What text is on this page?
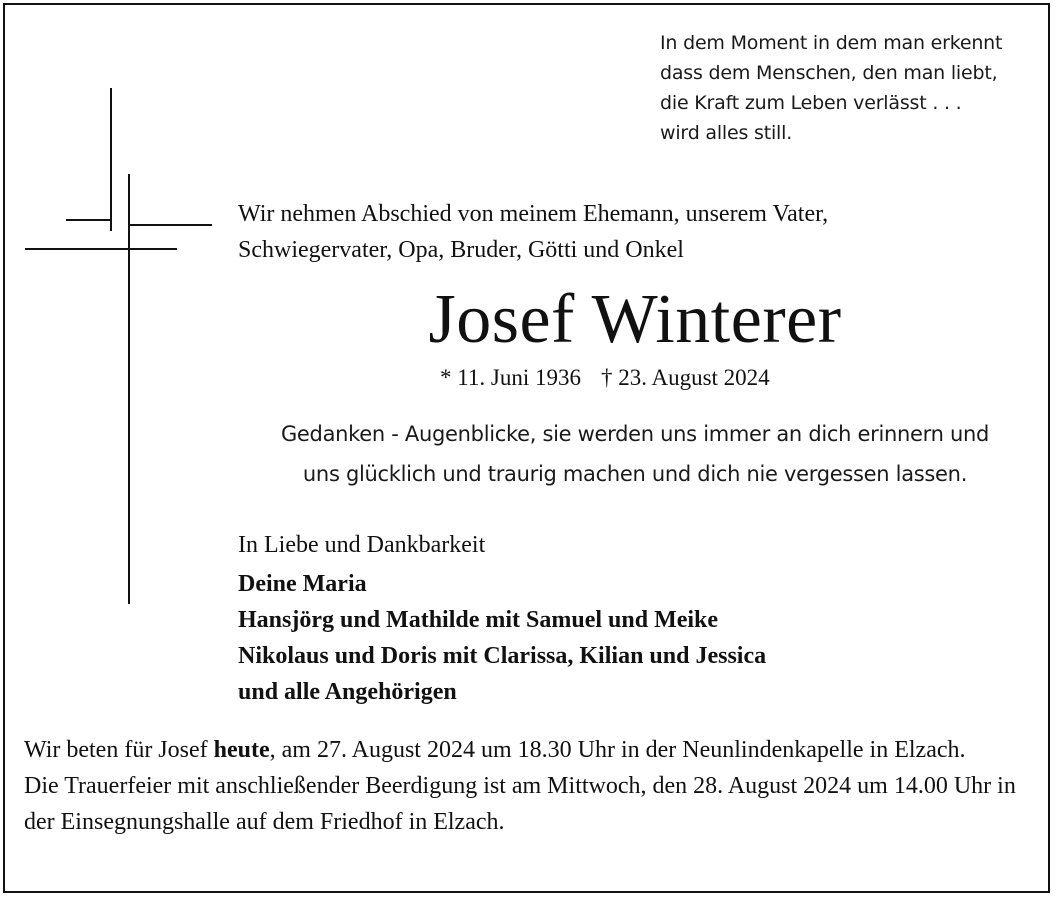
In dem Moment in dem man erkennt
dass dem Menschen, den man liebt,
die Kraft zum Leben verlässt . . .
wird alles still.
Wir nehmen Abschied von meinem Ehemann, unserem Vater,
Schwiegervater, Opa, Bruder, Götti und Onkel
Josef Winterer
* 11. Juni 1936 † 23. August 2024
Gedanken - Augenblicke, sie werden uns immer an dich erinnern und
uns glücklich und traurig machen und dich nie vergessen lassen.
In Liebe und Dankbarkeit
Deine Maria
Hansjörg und Mathilde mit Samuel und Meike
Nikolaus und Doris mit Clarissa, Kilian und Jessica
und alle Angehörigen
Wir beten für Josef heute, am 27. August 2024 um 18.30 Uhr in der Neunlindenkapelle in Elzach.
Die Trauerfeier mit anschließender Beerdigung ist am Mittwoch, den 28. August 2024 um 14.00 Uhr in der Einsegnungshalle auf dem Friedhof in Elzach.
